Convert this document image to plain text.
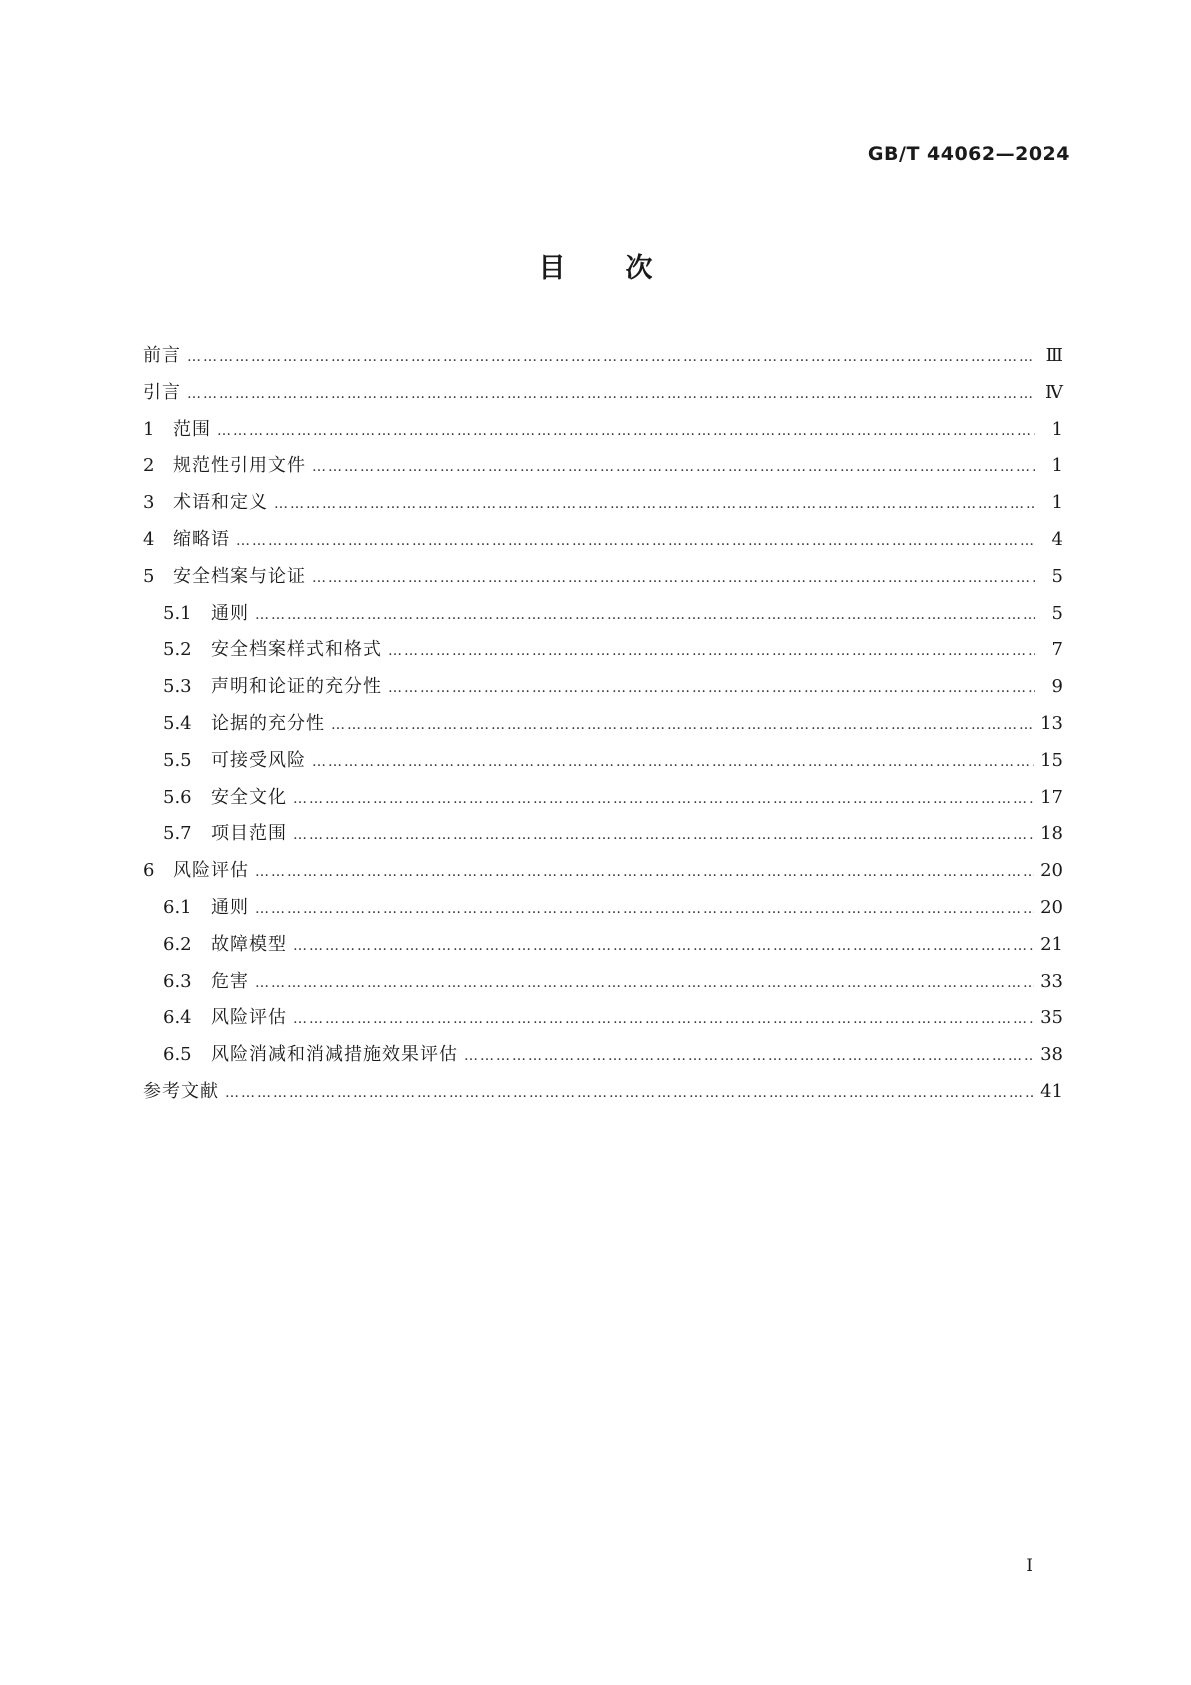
GB/T 44062—2024
目次
前言 ……………………………………………………………………………………………………………………………………………………………………………………………………………………………………………………	Ⅲ
引言 ……………………………………………………………………………………………………………………………………………………………………………………………………………………………………………………	Ⅳ
1	范围 ……………………………………………………………………………………………………………………………………………………………………………………………………………………………………………………	1
2	规范性引用文件 ……………………………………………………………………………………………………………………………………………………………………………………………………………………………………………………	1
3	术语和定义 ……………………………………………………………………………………………………………………………………………………………………………………………………………………………………………………	1
4	缩略语 ……………………………………………………………………………………………………………………………………………………………………………………………………………………………………………………	4
5	安全档案与论证 ……………………………………………………………………………………………………………………………………………………………………………………………………………………………………………………	5
5.1	通则 ……………………………………………………………………………………………………………………………………………………………………………………………………………………………………………………	5
5.2	安全档案样式和格式 ……………………………………………………………………………………………………………………………………………………………………………………………………………………………………………………	7
5.3	声明和论证的充分性 ……………………………………………………………………………………………………………………………………………………………………………………………………………………………………………………	9
5.4	论据的充分性 ……………………………………………………………………………………………………………………………………………………………………………………………………………………………………………………	13
5.5	可接受风险 ……………………………………………………………………………………………………………………………………………………………………………………………………………………………………………………	15
5.6	安全文化 ……………………………………………………………………………………………………………………………………………………………………………………………………………………………………………………	17
5.7	项目范围 ……………………………………………………………………………………………………………………………………………………………………………………………………………………………………………………	18
6	风险评估 ……………………………………………………………………………………………………………………………………………………………………………………………………………………………………………………	20
6.1	通则 ……………………………………………………………………………………………………………………………………………………………………………………………………………………………………………………	20
6.2	故障模型 ……………………………………………………………………………………………………………………………………………………………………………………………………………………………………………………	21
6.3	危害 ……………………………………………………………………………………………………………………………………………………………………………………………………………………………………………………	33
6.4	风险评估 ……………………………………………………………………………………………………………………………………………………………………………………………………………………………………………………	35
6.5	风险消减和消减措施效果评估 ……………………………………………………………………………………………………………………………………………………………………………………………………………………………………………………	38
参考文献 ……………………………………………………………………………………………………………………………………………………………………………………………………………………………………………………	41
I
